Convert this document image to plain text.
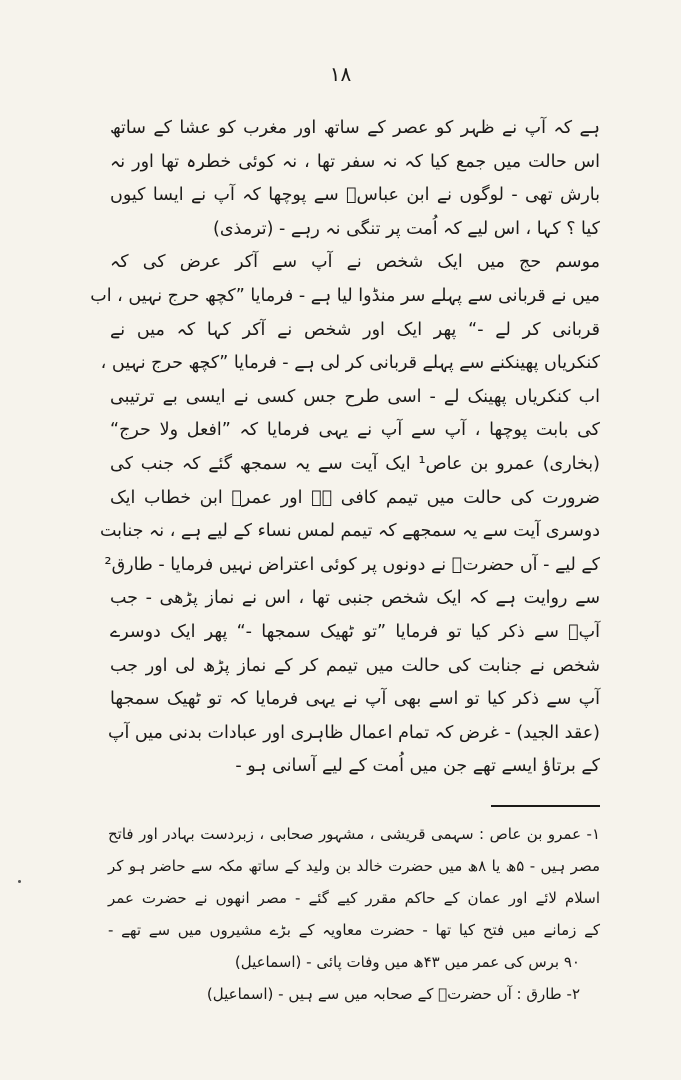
۱۸
ہے کہ آپ نے ظہر کو عصر کے ساتھ اور مغرب کو عشا کے ساتھ
اس حالت میں جمع کیا کہ نہ سفر تھا ، نہ کوئی خطرہ تھا اور نہ
بارش تھی - لوگوں نے ابن عباسؓ سے پوچھا کہ آپ نے ایسا کیوں
کیا ؟ کہا ، اس لیے کہ اُمت پر تنگی نہ رہے - (ترمذی)
موسم حج میں ایک شخص نے آپ سے آکر عرض کی کہ
میں نے قربانی سے پہلے سر منڈوا لیا ہے - فرمایا ”کچھ حرج نہیں ، اب
قربانی کر لے -“ پھر ایک اور شخص نے آکر کہا کہ میں نے
کنکریاں پھینکنے سے پہلے قربانی کر لی ہے - فرمایا ”کچھ حرج نہیں ،
اب کنکریاں پھینک لے - اسی طرح جس کسی نے ایسی بے ترتیبی
کی بابت پوچھا ، آپ سے آپ نے یہی فرمایا کہ ”افعل ولا حرج“
(بخاری) عمرو بن عاص¹ ایک آیت سے یہ سمجھ گئے کہ جنب کی
ضرورت کی حالت میں تیمم کافی ہے اور عمرؓ ابن خطاب ایک
دوسری آیت سے یہ سمجھے کہ تیمم لمس نساء کے لیے ہے ، نہ جنابت
کے لیے - آں حضرتؐ نے دونوں پر کوئی اعتراض نہیں فرمایا - طارق²
سے روایت ہے کہ ایک شخص جنبی تھا ، اس نے نماز پڑھی - جب
آپؐ سے ذکر کیا تو فرمایا ”تو ٹھیک سمجھا -“ پھر ایک دوسرے
شخص نے جنابت کی حالت میں تیمم کر کے نماز پڑھ لی اور جب
آپ سے ذکر کیا تو اسے بھی آپ نے یہی فرمایا کہ تو ٹھیک سمجھا
(عقد الجید) - غرض کہ تمام اعمال ظاہری اور عبادات بدنی میں آپ
کے برتاؤ ایسے تھے جن میں اُمت کے لیے آسانی ہو -
۱- عمرو بن عاص : سہمی قریشی ، مشہور صحابی ، زبردست بہادر اور فاتح
مصر ہیں - ۵ھ یا ۸ھ میں حضرت خالد بن ولید کے ساتھ مکہ سے حاضر ہو کر
اسلام لائے اور عمان کے حاکم مقرر کیے گئے - مصر انھوں نے حضرت عمر
کے زمانے میں فتح کیا تھا - حضرت معاویہ کے بڑے مشیروں میں سے تھے -
۹۰ برس کی عمر میں ۴۳ھ میں وفات پائی - (اسماعیل)
۲- طارق : آں حضرتؐ کے صحابہ میں سے ہیں - (اسماعیل)
